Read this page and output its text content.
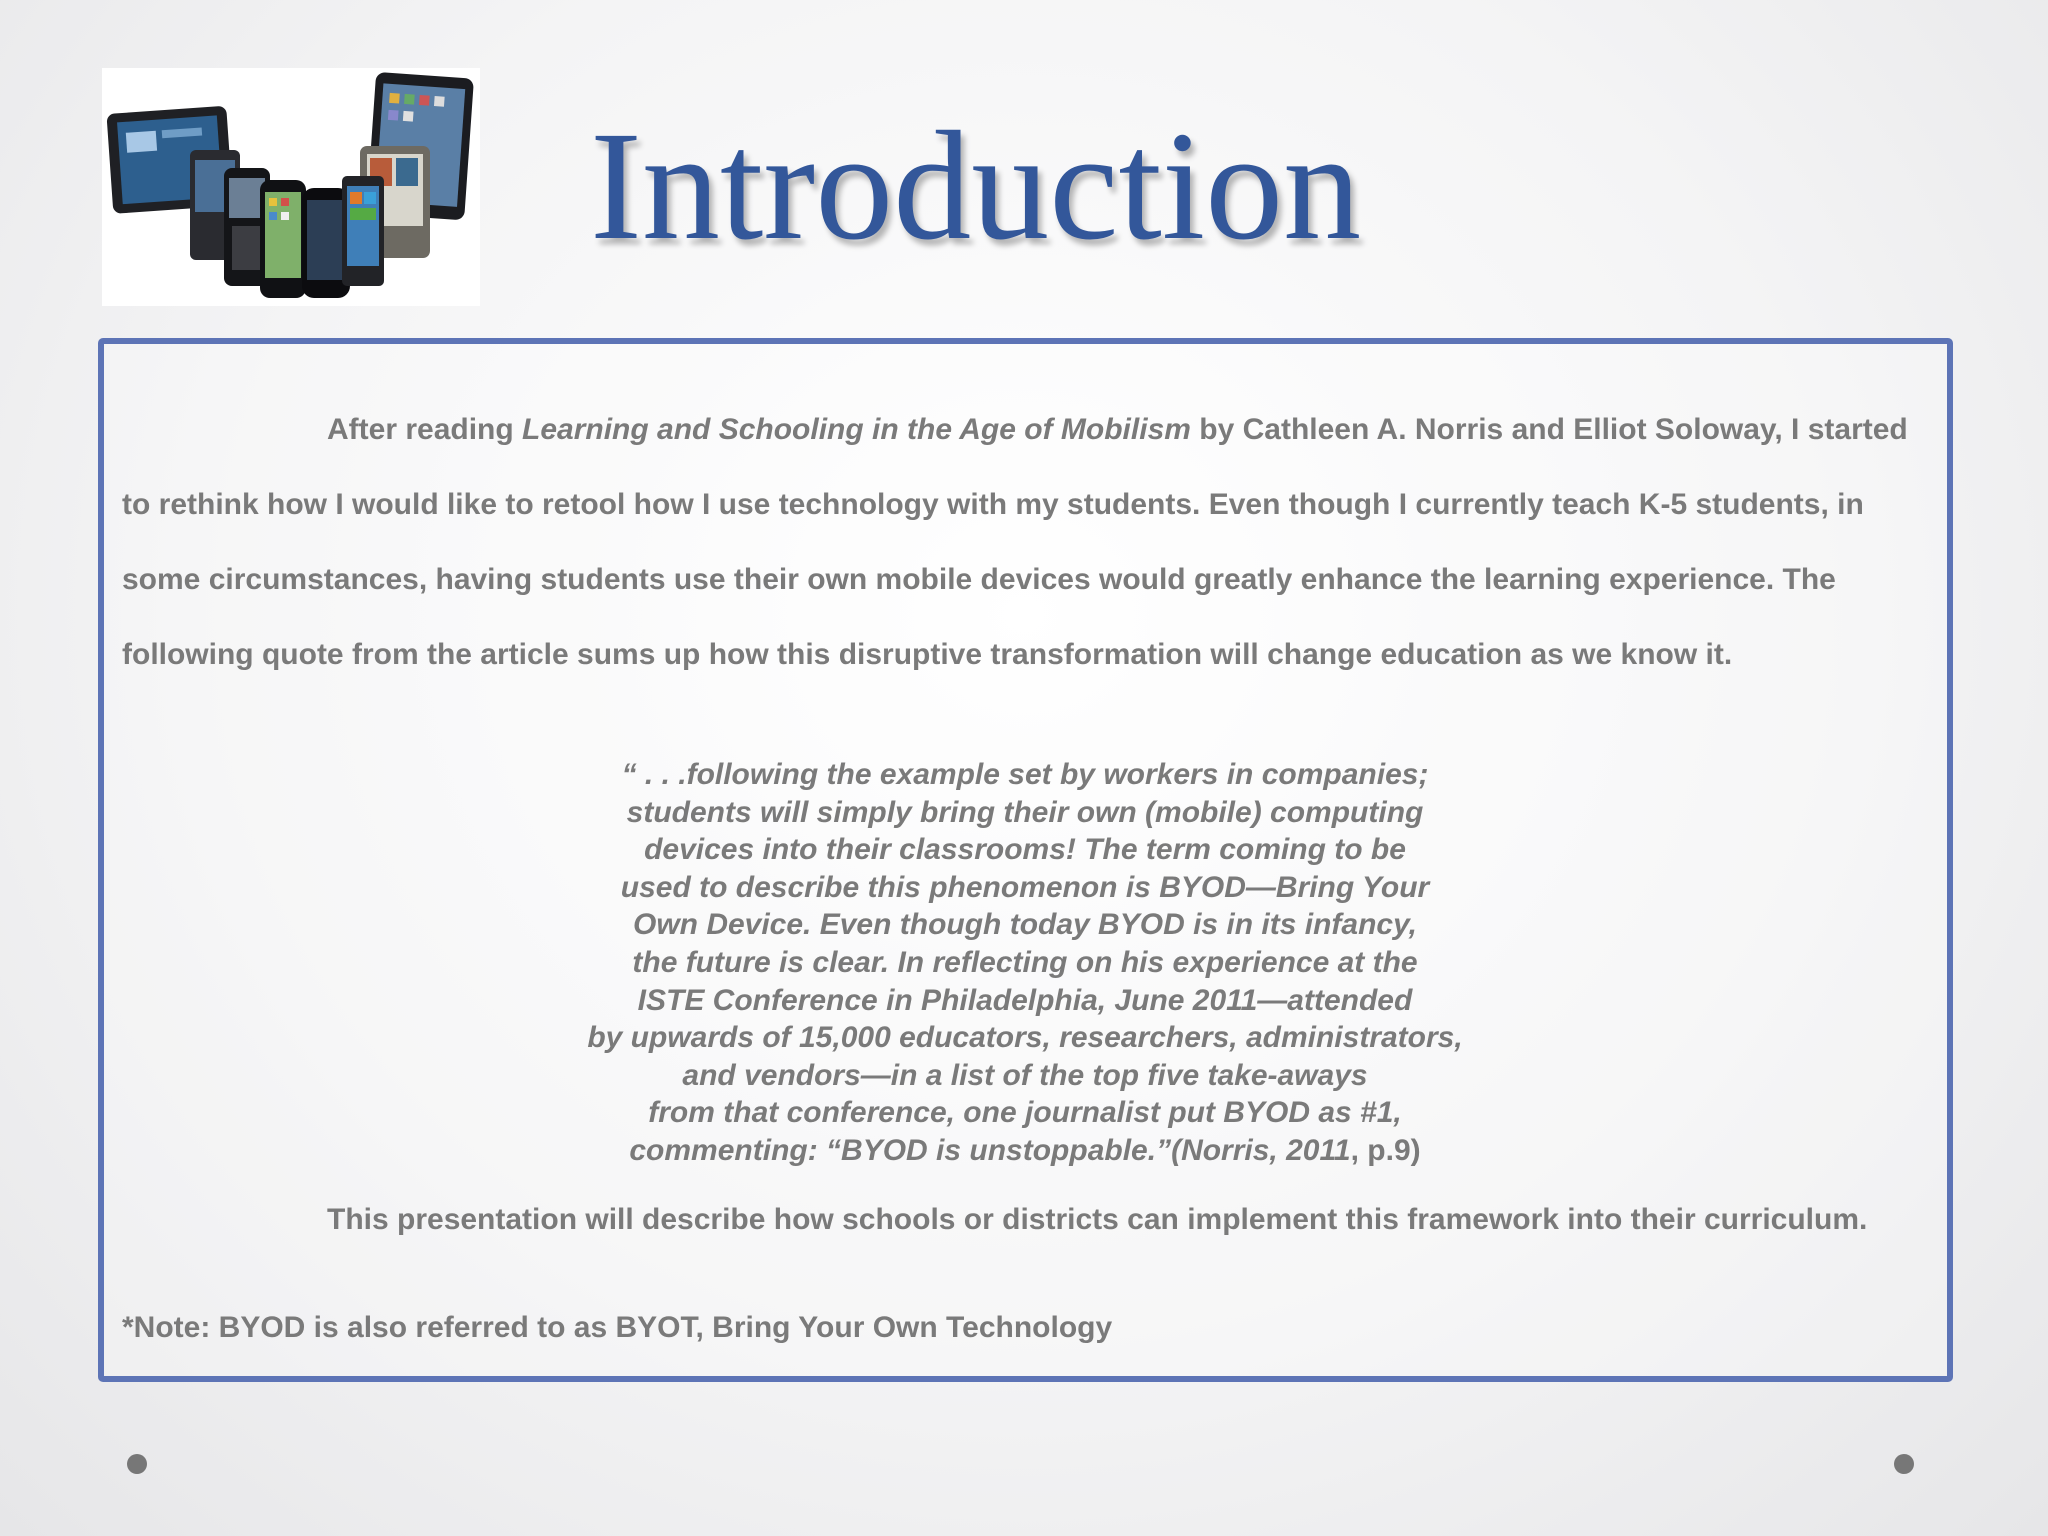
Introduction

After reading Learning and Schooling in the Age of Mobilism by Cathleen A. Norris and Elliot Soloway, I started to rethink how I would like to retool how I use technology with my students. Even though I currently teach K-5 students, in some circumstances, having students use their own mobile devices would greatly enhance the learning experience. The following quote from the article sums up how this disruptive transformation will change education as we know it.

“ . . .following the example set by workers in companies;
students will simply bring their own (mobile) computing
devices into their classrooms! The term coming to be
used to describe this phenomenon is BYOD—Bring Your
Own Device. Even though today BYOD is in its infancy,
the future is clear. In reflecting on his experience at the
ISTE Conference in Philadelphia, June 2011—attended
by upwards of 15,000 educators, researchers, administrators,
and vendors—in a list of the top five take-aways
from that conference, one journalist put BYOD as #1,
commenting: “BYOD is unstoppable.”(Norris, 2011, p.9)

This presentation will describe how schools or districts can implement this framework into their curriculum.

*Note: BYOD is also referred to as BYOT, Bring Your Own Technology
